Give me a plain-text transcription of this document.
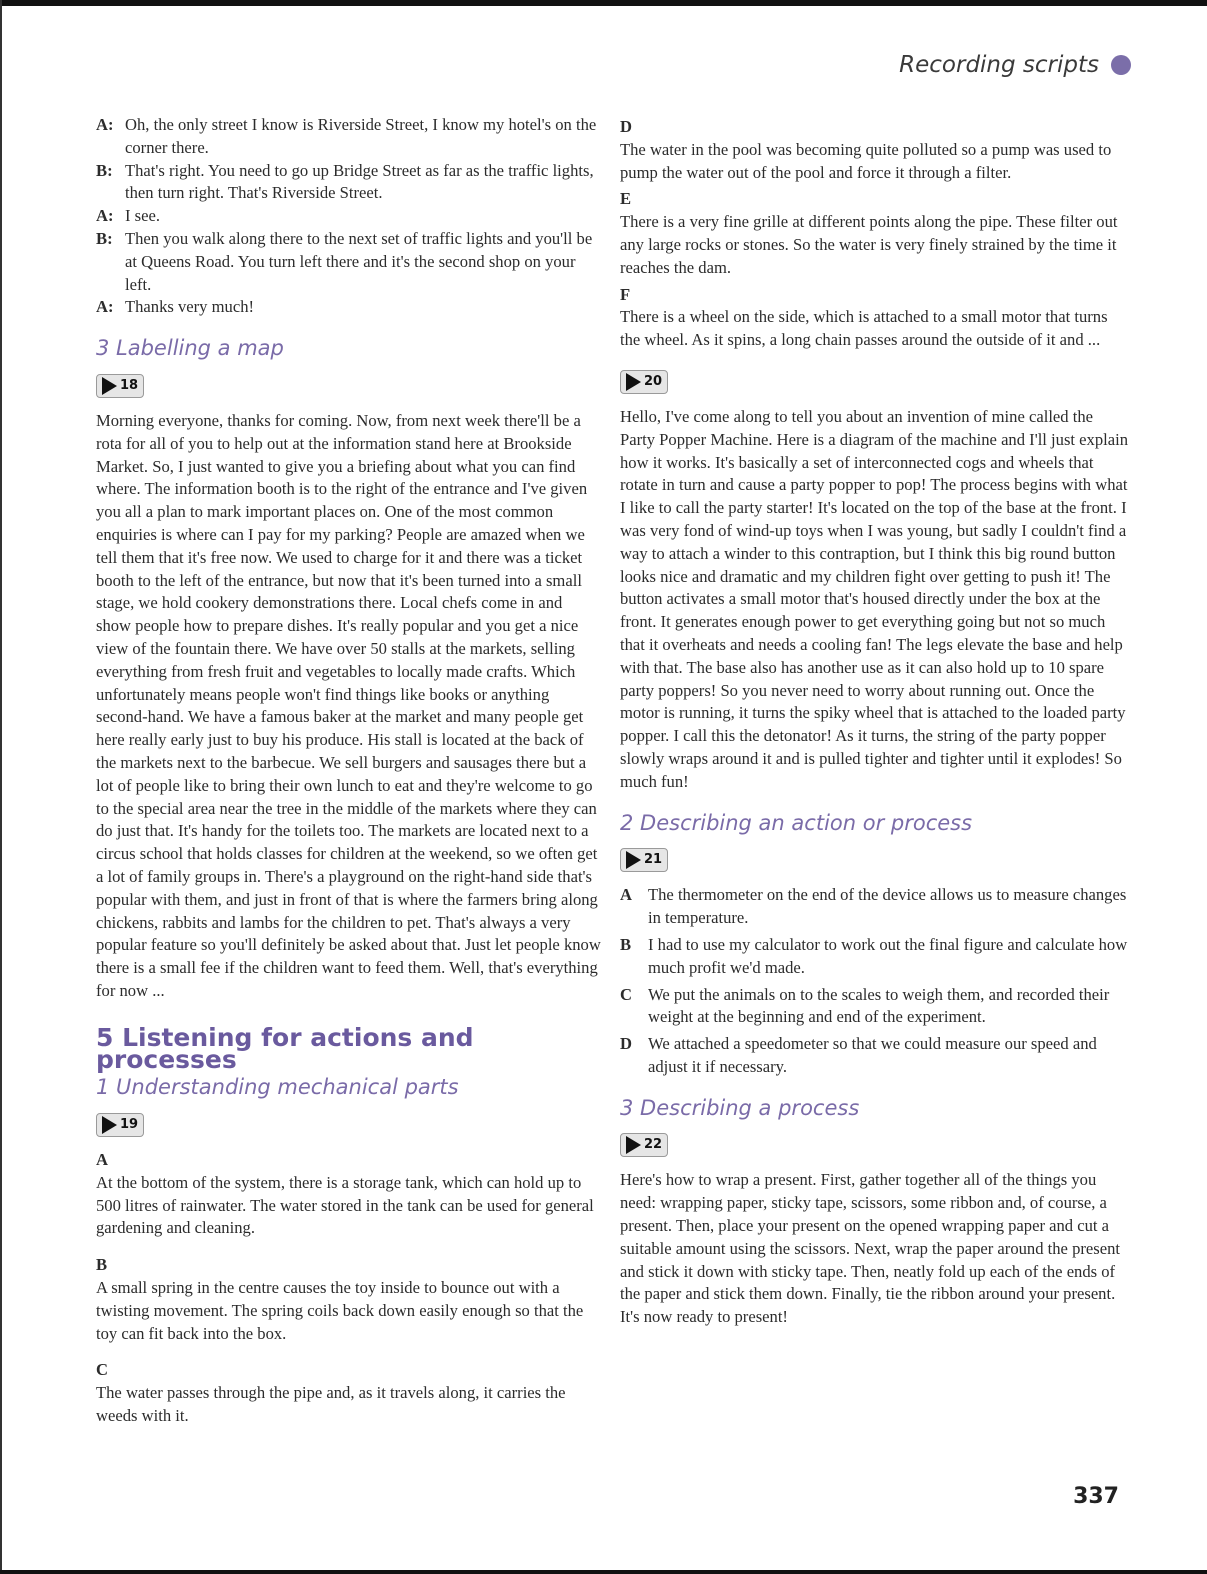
Recording scripts
A: Oh, the only street I know is Riverside Street, I know my hotel's on the corner there.
B: That's right. You need to go up Bridge Street as far as the traffic lights, then turn right. That's Riverside Street.
A: I see.
B: Then you walk along there to the next set of traffic lights and you'll be at Queens Road. You turn left there and it's the second shop on your left.
A: Thanks very much!
3 Labelling a map
18

Morning everyone, thanks for coming. Now, from next week there'll be a rota for all of you to help out at the information stand here at Brookside Market. So, I just wanted to give you a briefing about what you can find where. The information booth is to the right of the entrance and I've given you all a plan to mark important places on. One of the most common enquiries is where can I pay for my parking? People are amazed when we tell them that it's free now. We used to charge for it and there was a ticket booth to the left of the entrance, but now that it's been turned into a small stage, we hold cookery demonstrations there. Local chefs come in and show people how to prepare dishes. It's really popular and you get a nice view of the fountain there. We have over 50 stalls at the markets, selling everything from fresh fruit and vegetables to locally made crafts. Which unfortunately means people won't find things like books or anything second-hand. We have a famous baker at the market and many people get here really early just to buy his produce. His stall is located at the back of the markets next to the barbecue. We sell burgers and sausages there but a lot of people like to bring their own lunch to eat and they're welcome to go to the special area near the tree in the middle of the markets where they can do just that. It's handy for the toilets too. The markets are located next to a circus school that holds classes for children at the weekend, so we often get a lot of family groups in. There's a playground on the right-hand side that's popular with them, and just in front of that is where the farmers bring along chickens, rabbits and lambs for the children to pet. That's always a very popular feature so you'll definitely be asked about that. Just let people know there is a small fee if the children want to feed them. Well, that's everything for now ...

5 Listening for actions and processes
1 Understanding mechanical parts
19
A

At the bottom of the system, there is a storage tank, which can hold up to 500 litres of rainwater. The water stored in the tank can be used for general gardening and cleaning.

B

A small spring in the centre causes the toy inside to bounce out with a twisting movement. The spring coils back down easily enough so that the toy can fit back into the box.

C

The water passes through the pipe and, as it travels along, it carries the weeds with it.

D

The water in the pool was becoming quite polluted so a pump was used to pump the water out of the pool and force it through a filter.

E

There is a very fine grille at different points along the pipe. These filter out any large rocks or stones. So the water is very finely strained by the time it reaches the dam.

F

There is a wheel on the side, which is attached to a small motor that turns the wheel. As it spins, a long chain passes around the outside of it and ...

20

Hello, I've come along to tell you about an invention of mine called the Party Popper Machine. Here is a diagram of the machine and I'll just explain how it works. It's basically a set of interconnected cogs and wheels that rotate in turn and cause a party popper to pop! The process begins with what I like to call the party starter! It's located on the top of the base at the front. I was very fond of wind-up toys when I was young, but sadly I couldn't find a way to attach a winder to this contraption, but I think this big round button looks nice and dramatic and my children fight over getting to push it! The button activates a small motor that's housed directly under the box at the front. It generates enough power to get everything going but not so much that it overheats and needs a cooling fan! The legs elevate the base and help with that. The base also has another use as it can also hold up to 10 spare party poppers! So you never need to worry about running out. Once the motor is running, it turns the spiky wheel that is attached to the loaded party popper. I call this the detonator! As it turns, the string of the party popper slowly wraps around it and is pulled tighter and tighter until it explodes! So much fun!

2 Describing an action or process
21
A The thermometer on the end of the device allows us to measure changes in temperature.
B	I had to use my calculator to work out the final figure and calculate how much profit we'd made.
C We put the animals on to the scales to weigh them, and recorded their weight at the beginning and end of the experiment.
D We attached a speedometer so that we could measure our speed and adjust it if necessary.
3 Describing a process
22

Here's how to wrap a present. First, gather together all of the things you need: wrapping paper, sticky tape, scissors, some ribbon and, of course, a present. Then, place your present on the opened wrapping paper and cut a suitable amount using the scissors. Next, wrap the paper around the present and stick it down with sticky tape. Then, neatly fold up each of the ends of the paper and stick them down. Finally, tie the ribbon around your present. It's now ready to present!

337
